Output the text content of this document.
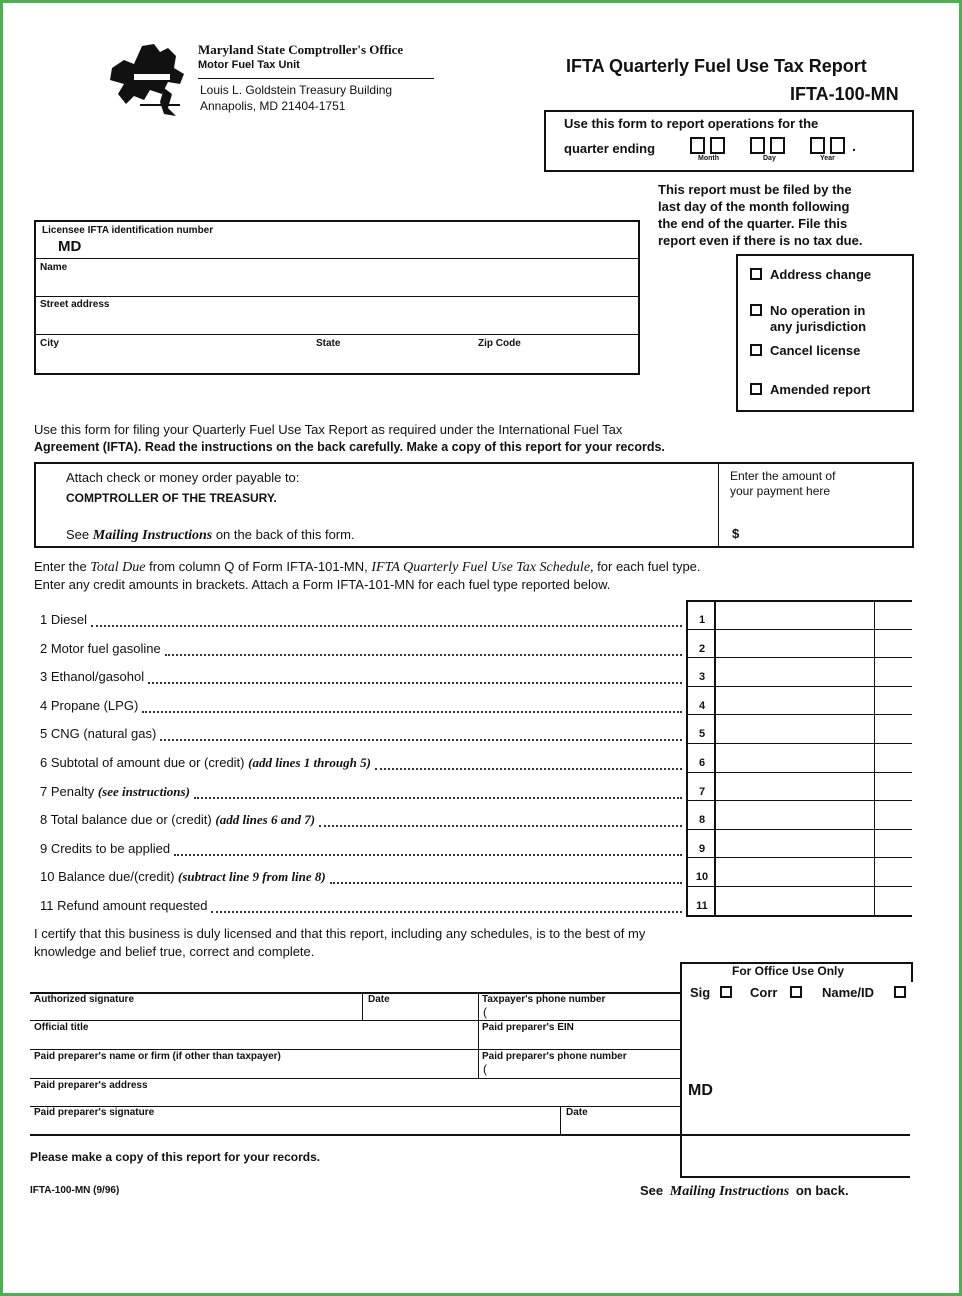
Maryland State Comptroller's Office
Motor Fuel Tax Unit
Louis L. Goldstein Treasury Building
Annapolis, MD 21404-1751
IFTA Quarterly Fuel Use Tax Report
IFTA-100-MN
Use this form to report operations for the
quarter ending
Month	Day	Year
.
This report must be filed by the
last day of the month following
the end of the quarter. File this
report even if there is no tax due.
Licensee IFTA identification number
MD
Name
Street address
City	State	Zip Code
Address change
No operation in
any jurisdiction
Cancel license
Amended report
Use this form for filing your Quarterly Fuel Use Tax Report as required under the International Fuel Tax
Agreement (IFTA). Read the instructions on the back carefully. Make a copy of this report for your records.
Attach check or money order payable to:
COMPTROLLER OF THE TREASURY.
See Mailing Instructions on the back of this form.
Enter the amount of
your payment here
$
Enter the Total Due from column Q of Form IFTA-101-MN, IFTA Quarterly Fuel Use Tax Schedule, for each fuel type.
Enter any credit amounts in brackets. Attach a Form IFTA-101-MN for each fuel type reported below.
1 Diesel	1
2 Motor fuel gasoline	2
3 Ethanol/gasohol	3
4 Propane (LPG)	4
5 CNG (natural gas)	5
6 Subtotal of amount due or (credit) (add lines 1 through 5)	6
7 Penalty (see instructions)	7
8 Total balance due or (credit) (add lines 6 and 7)	8
9 Credits to be applied	9
10 Balance due/(credit) (subtract line 9 from line 8)	10
11 Refund amount requested	11
I certify that this business is duly licensed and that this report, including any schedules, is to the best of my
knowledge and belief true, correct and complete.
Authorized signature	Date	Taxpayer's phone number
(
Official title	Paid preparer's EIN
Paid preparer's name or firm (if other than taxpayer)	Paid preparer's phone number
(
Paid preparer's address
Paid preparer's signature	Date
For Office Use Only
Sig	Corr	Name/ID
MD
Please make a copy of this report for your records.
IFTA-100-MN (9/96)	See Mailing Instructions on back.
